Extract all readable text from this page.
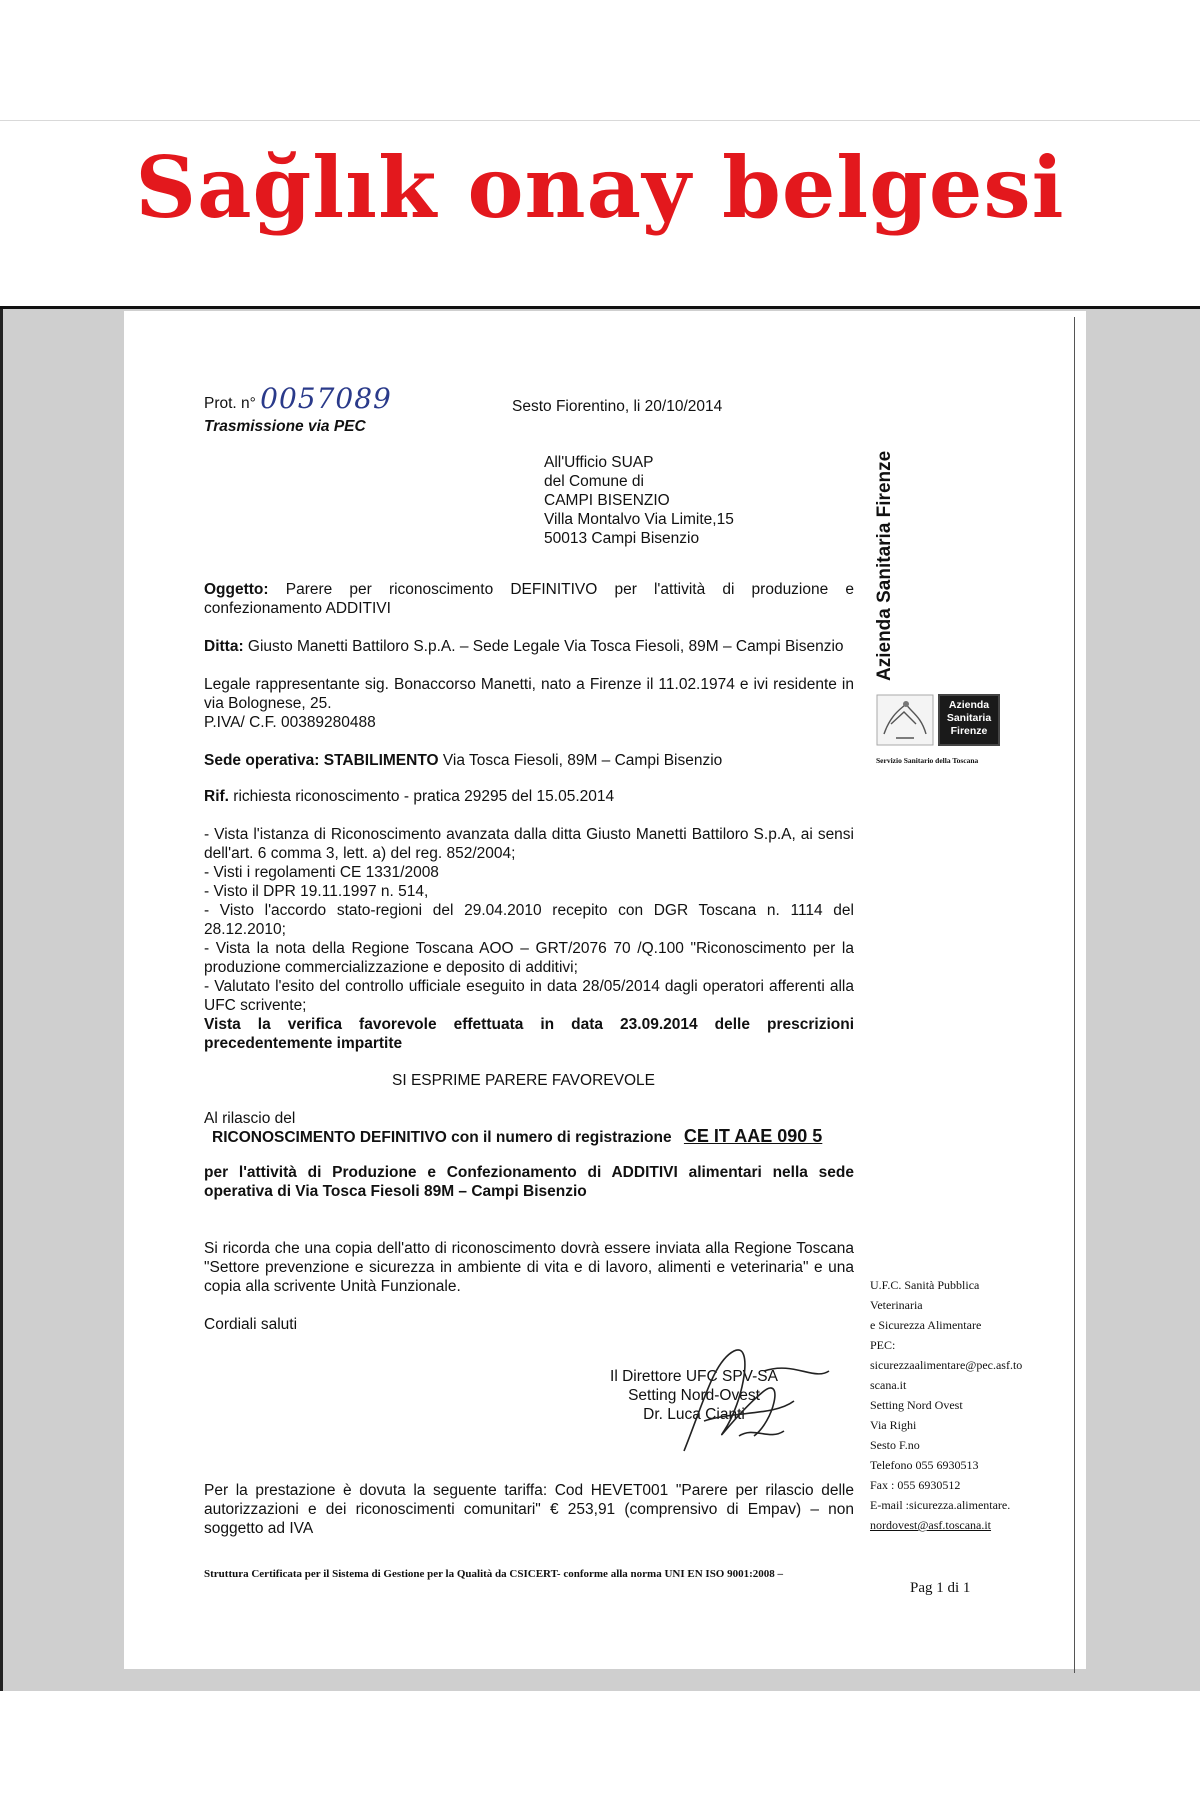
Sağlık onay belgesi
Prot. n° 0057089
Trasmissione via PEC
Sesto Fiorentino, li 20/10/2014
All'Ufficio SUAP
del Comune di
CAMPI BISENZIO
Villa Montalvo Via Limite,15
50013 Campi Bisenzio
Oggetto: Parere per riconoscimento DEFINITIVO per l'attività di produzione e confezionamento ADDITIVI
Ditta: Giusto Manetti Battiloro S.p.A. – Sede Legale Via Tosca Fiesoli, 89M – Campi Bisenzio
Legale rappresentante sig. Bonaccorso Manetti, nato a Firenze il 11.02.1974 e ivi residente in via Bolognese, 25.
P.IVA/ C.F. 00389280488
Sede operativa: STABILIMENTO Via Tosca Fiesoli, 89M – Campi Bisenzio
Rif. richiesta riconoscimento - pratica 29295 del 15.05.2014
- Vista l'istanza di Riconoscimento avanzata dalla ditta Giusto Manetti Battiloro S.p.A, ai sensi dell'art. 6 comma 3, lett. a) del reg. 852/2004;
- Visti i regolamenti CE 1331/2008
- Visto il DPR 19.11.1997 n. 514,
- Visto l'accordo stato-regioni del 29.04.2010 recepito con DGR Toscana n. 1114 del 28.12.2010;
- Vista la nota della Regione Toscana AOO – GRT/2076 70 /Q.100 "Riconoscimento per la produzione commercializzazione e deposito di additivi;
- Valutato l'esito del controllo ufficiale eseguito in data 28/05/2014 dagli operatori afferenti alla UFC scrivente;
Vista la verifica favorevole effettuata in data 23.09.2014 delle prescrizioni precedentemente impartite
SI ESPRIME PARERE FAVOREVOLE
Al rilascio del
RICONOSCIMENTO DEFINITIVO con il numero di registrazione CE IT AAE 090 5
per l'attività di Produzione e Confezionamento di ADDITIVI alimentari nella sede operativa di Via Tosca Fiesoli 89M – Campi Bisenzio
Si ricorda che una copia dell'atto di riconoscimento dovrà essere inviata alla Regione Toscana "Settore prevenzione e sicurezza in ambiente di vita e di lavoro, alimenti e veterinaria" e una copia alla scrivente Unità Funzionale.
Cordiali saluti
Il Direttore UFC SPV-SA
Setting Nord-Ovest
Dr. Luca Cianti
Per la prestazione è dovuta la seguente tariffa: Cod HEVET001 "Parere per rilascio delle autorizzazioni e dei riconoscimenti comunitari" € 253,91 (comprensivo di Empav) – non soggetto ad IVA
Struttura Certificata per il Sistema di Gestione per la Qualità da CSICERT- conforme alla norma UNI EN ISO 9001:2008 –
Pag 1 di 1
Azienda Sanitaria Firenze
Azienda
Sanitaria
Firenze
Servizio Sanitario della Toscana
U.F.C. Sanità Pubblica
Veterinaria
e Sicurezza Alimentare
PEC:
sicurezzaalimentare@pec.asf.to
scana.it
Setting Nord Ovest
Via Righi
Sesto F.no
Telefono 055 6930513
Fax : 055 6930512
E-mail :sicurezza.alimentare.
nordovest@asf.toscana.it
